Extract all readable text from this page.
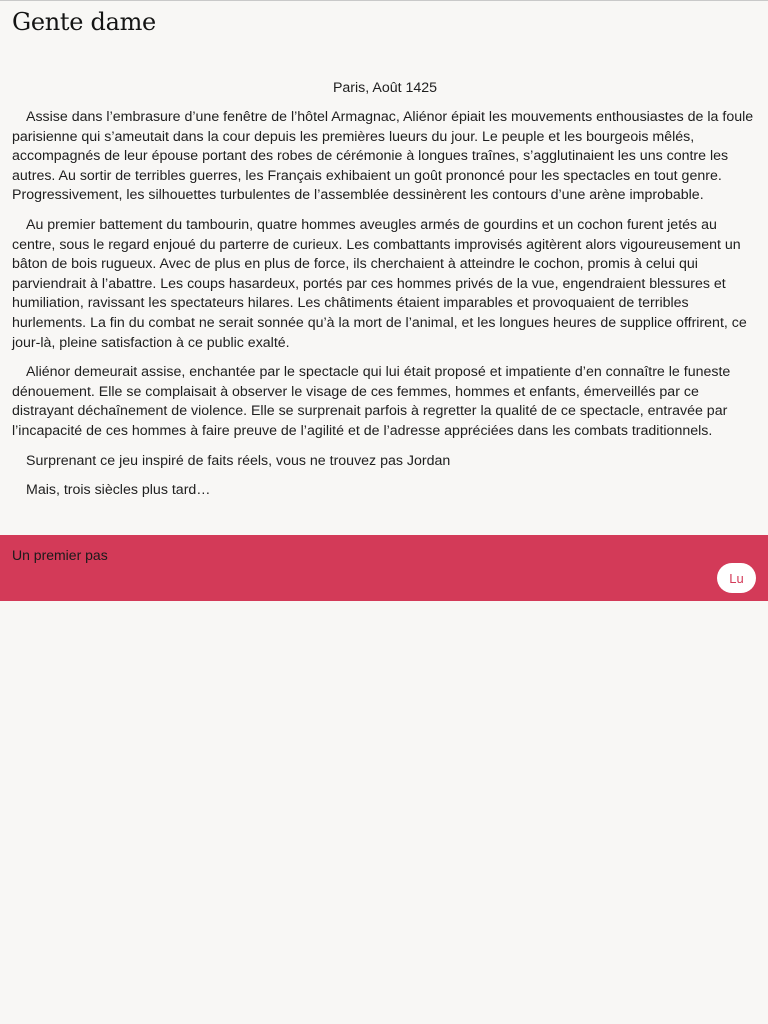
Gente dame

Paris, Août 1425

Assise dans l’embrasure d’une fenêtre de l’hôtel Armagnac, Aliénor épiait les mouvements enthousiastes de la foule parisienne qui s’ameutait dans la cour depuis les premières lueurs du jour. Le peuple et les bourgeois mêlés, accompagnés de leur épouse portant des robes de cérémonie à longues traînes, s’agglutinaient les uns contre les autres. Au sortir de terribles guerres, les Français exhibaient un goût prononcé pour les spectacles en tout genre. Progressivement, les silhouettes turbulentes de l’assemblée dessinèrent les contours d’une arène improbable.

Au premier battement du tambourin, quatre hommes aveugles armés de gourdins et un cochon furent jetés au centre, sous le regard enjoué du parterre de curieux. Les combattants improvisés agitèrent alors vigoureusement un bâton de bois rugueux. Avec de plus en plus de force, ils cherchaient à atteindre le cochon, promis à celui qui parviendrait à l’abattre. Les coups hasardeux, portés par ces hommes privés de la vue, engendraient blessures et humiliation, ravissant les spectateurs hilares. Les châtiments étaient imparables et provoquaient de terribles hurlements. La fin du combat ne serait sonnée qu’à la mort de l’animal, et les longues heures de supplice offrirent, ce jour-là, pleine satisfaction à ce public exalté.

Aliénor demeurait assise, enchantée par le spectacle qui lui était proposé et impatiente d’en connaître le funeste dénouement. Elle se complaisait à observer le visage de ces femmes, hommes et enfants, émerveillés par ce distrayant déchaînement de violence. Elle se surprenait parfois à regretter la qualité de ce spectacle, entravée par l’incapacité de ces hommes à faire preuve de l’agilité et de l’adresse appréciées dans les combats traditionnels.

Surprenant ce jeu inspiré de faits réels, vous ne trouvez pas Jordan

Mais, trois siècles plus tard…

Un premier pas
Lu
